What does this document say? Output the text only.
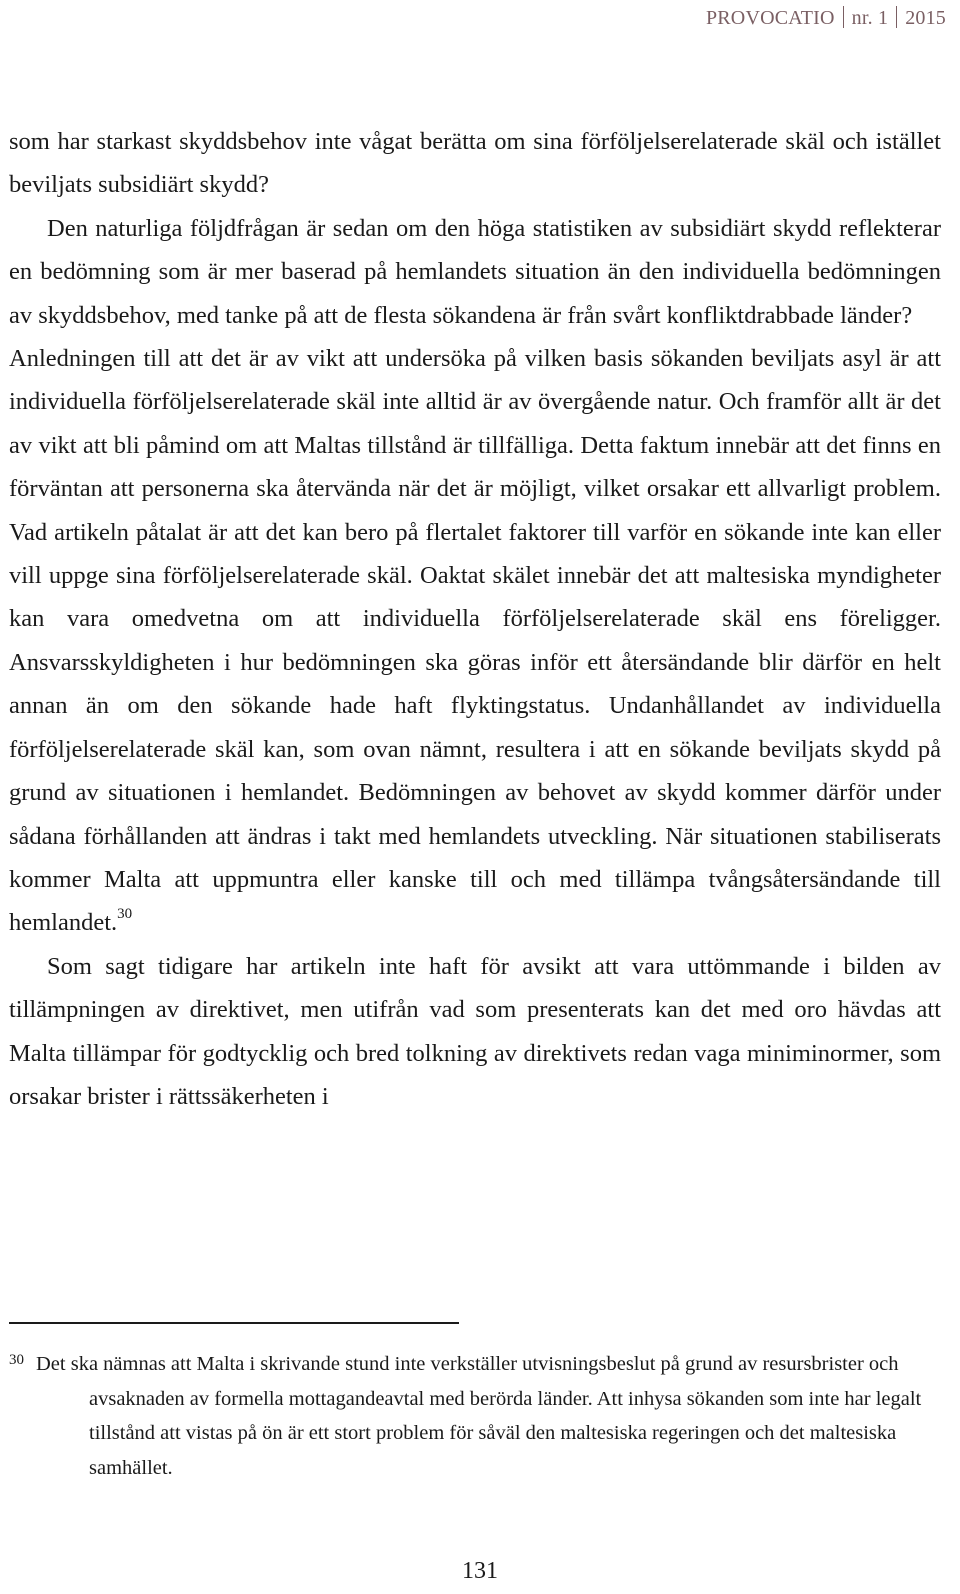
PROVOCATIO nr. 1 2015

som har starkast skyddsbehov inte vågat berätta om sina förföljelserelaterade skäl och istället beviljats subsidiärt skydd?

Den naturliga följdfrågan är sedan om den höga statistiken av subsidiärt skydd reflekterar en bedömning som är mer baserad på hemlandets situation än den individuella bedömningen av skyddsbehov, med tanke på att de flesta sökandena är från svårt konfliktdrabbade länder?

Anledningen till att det är av vikt att undersöka på vilken basis sökanden beviljats asyl är att individuella förföljelserelaterade skäl inte alltid är av övergående natur. Och framför allt är det av vikt att bli påmind om att Maltas tillstånd är tillfälliga. Detta faktum innebär att det finns en förväntan att personerna ska återvända när det är möjligt, vilket orsakar ett allvarligt problem. Vad artikeln påtalat är att det kan bero på flertalet faktorer till varför en sökande inte kan eller vill uppge sina förföljelserelaterade skäl. Oaktat skälet innebär det att maltesiska myndigheter kan vara omedvetna om att individuella förföljelserelaterade skäl ens föreligger. Ansvarsskyldigheten i hur bedömningen ska göras inför ett återsändande blir därför en helt annan än om den sökande hade haft flyktingstatus. Undanhållandet av individuella förföljelserelaterade skäl kan, som ovan nämnt, resultera i att en sökande beviljats skydd på grund av situationen i hemlandet. Bedömningen av behovet av skydd kommer därför under sådana förhållanden att ändras i takt med hemlandets utveckling. När situationen stabiliserats kommer Malta att uppmuntra eller kanske till och med tillämpa tvångsåtersändande till hemlandet.$^{30}$

Som sagt tidigare har artikeln inte haft för avsikt att vara uttömmande i bilden av tillämpningen av direktivet, men utifrån vad som presenterats kan det med oro hävdas att Malta tillämpar för godtycklig och bred tolkning av direktivets redan vaga miniminormer, som orsakar brister i rättssäkerheten i

30 Det ska nämnas att Malta i skrivande stund inte verkställer utvisningsbeslut på grund av resursbrister och avsaknaden av formella mottagandeavtal med berörda länder. Att inhysa sökanden som inte har legalt tillstånd att vistas på ön är ett stort problem för såväl den maltesiska regeringen och det maltesiska samhället.
131
